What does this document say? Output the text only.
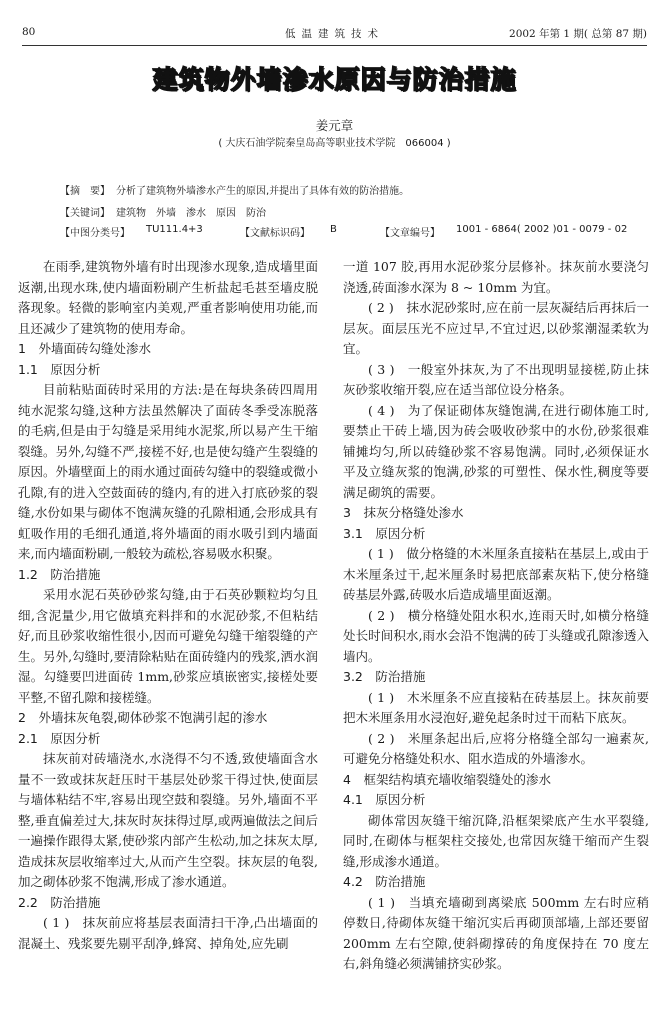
80	低温建筑技术	2002 年第 1 期( 总第 87 期)
建筑物外墙渗水原因与防治措施
姜元章
( 大庆石油学院秦皇岛高等职业技术学院　066004 )
【摘　要】 分析了建筑物外墙渗水产生的原因,并提出了具体有效的防治措施。
【关键词】 建筑物　外墙　渗水　原因　防治
【中图分类号】 TU111.4+3	【文献标识码】 B	【文章编号】 1001 - 6864( 2002 )01 - 0079 - 02

在雨季,建筑物外墙有时出现渗水现象,造成墙里面返潮,出现水珠,使内墙面粉刷产生析盐起毛甚至墙皮脱落现象。轻微的影响室内美观,严重者影响使用功能,而且还减少了建筑物的使用寿命。

1　外墙面砖勾缝处渗水
1.1　原因分析

目前粘贴面砖时采用的方法:是在每块条砖四周用纯水泥浆勾缝,这种方法虽然解决了面砖冬季受冻脱落的毛病,但是由于勾缝是采用纯水泥浆,所以易产生干缩裂缝。另外,勾缝不严,接槎不好,也是使勾缝产生裂缝的原因。外墙壁面上的雨水通过面砖勾缝中的裂缝或微小孔隙,有的进入空鼓面砖的缝内,有的进入打底砂浆的裂缝,水份如果与砌体不饱满灰缝的孔隙相通,会形成具有虹吸作用的毛细孔通道,将外墙面的雨水吸引到内墙面来,而内墙面粉刷,一般较为疏松,容易吸水积聚。

1.2　防治措施

采用水泥石英砂砂浆勾缝,由于石英砂颗粒均匀且细,含泥量少,用它做填充料拌和的水泥砂浆,不但粘结好,而且砂浆收缩性很小,因而可避免勾缝干缩裂缝的产生。另外,勾缝时,要清除粘贴在面砖缝内的残浆,洒水润湿。勾缝要凹进面砖 1mm,砂浆应填嵌密实,接槎处要平整,不留孔隙和接槎缝。

2　外墙抹灰龟裂,砌体砂浆不饱满引起的渗水
2.1　原因分析

抹灰前对砖墙浇水,水浇得不匀不透,致使墙面含水量不一致或抹灰赶压时干基层处砂浆干得过快,使面层与墙体粘结不牢,容易出现空鼓和裂缝。另外,墙面不平整,垂直偏差过大,抹灰时灰抹得过厚,或两遍做法之间后一遍操作跟得太紧,使砂浆内部产生松动,加之抹灰太厚,造成抹灰层收缩率过大,从而产生空裂。抹灰层的龟裂,加之砌体砂浆不饱满,形成了渗水通道。

2.2　防治措施

( 1 )　抹灰前应将基层表面清扫干净,凸出墙面的混凝土、残浆要先剔平刮净,蜂窝、掉角处,应先刷

一道 107 胶,再用水泥砂浆分层修补。抹灰前水要浇匀浇透,砖面渗水深为 8 ~ 10mm 为宜。

( 2 )　抹水泥砂浆时,应在前一层灰凝结后再抹后一层灰。面层压光不应过早,不宜过迟,以砂浆潮湿柔软为宜。

( 3 )　一般室外抹灰,为了不出现明显接槎,防止抹灰砂浆收缩开裂,应在适当部位设分格条。

( 4 )　为了保证砌体灰缝饱满,在进行砌体施工时,要禁止干砖上墙,因为砖会吸收砂浆中的水份,砂浆很难铺摊均匀,所以砖缝砂浆不容易饱满。同时,必须保证水平及立缝灰浆的饱满,砂浆的可塑性、保水性,稠度等要满足砌筑的需要。

3　抹灰分格缝处渗水
3.1　原因分析

( 1 )　做分格缝的木米厘条直接粘在基层上,或由于木米厘条过干,起米厘条时易把底部素灰粘下,使分格缝砖基层外露,砖吸水后造成墙里面返潮。

( 2 )　横分格缝处阻水积水,连雨天时,如横分格缝处长时间积水,雨水会沿不饱满的砖丁头缝或孔隙渗透入墙内。

3.2　防治措施

( 1 )　木米厘条不应直接粘在砖基层上。抹灰前要把木米厘条用水浸泡好,避免起条时过干而粘下底灰。

( 2 )　米厘条起出后,应将分格缝全部勾一遍素灰,可避免分格缝处积水、阻水造成的外墙渗水。

4　框架结构填充墙收缩裂缝处的渗水
4.1　原因分析

砌体常因灰缝干缩沉降,沿框架梁底产生水平裂缝,同时,在砌体与框架柱交接处,也常因灰缝干缩而产生裂缝,形成渗水通道。

4.2　防治措施

( 1 )　当填充墙砌到离梁底 500mm 左右时应稍停数日,待砌体灰缝干缩沉实后再砌顶部墙,上部还要留 200mm 左右空隙,使斜砌撑砖的角度保持在 70 度左右,斜角缝必须满铺挤实砂浆。
